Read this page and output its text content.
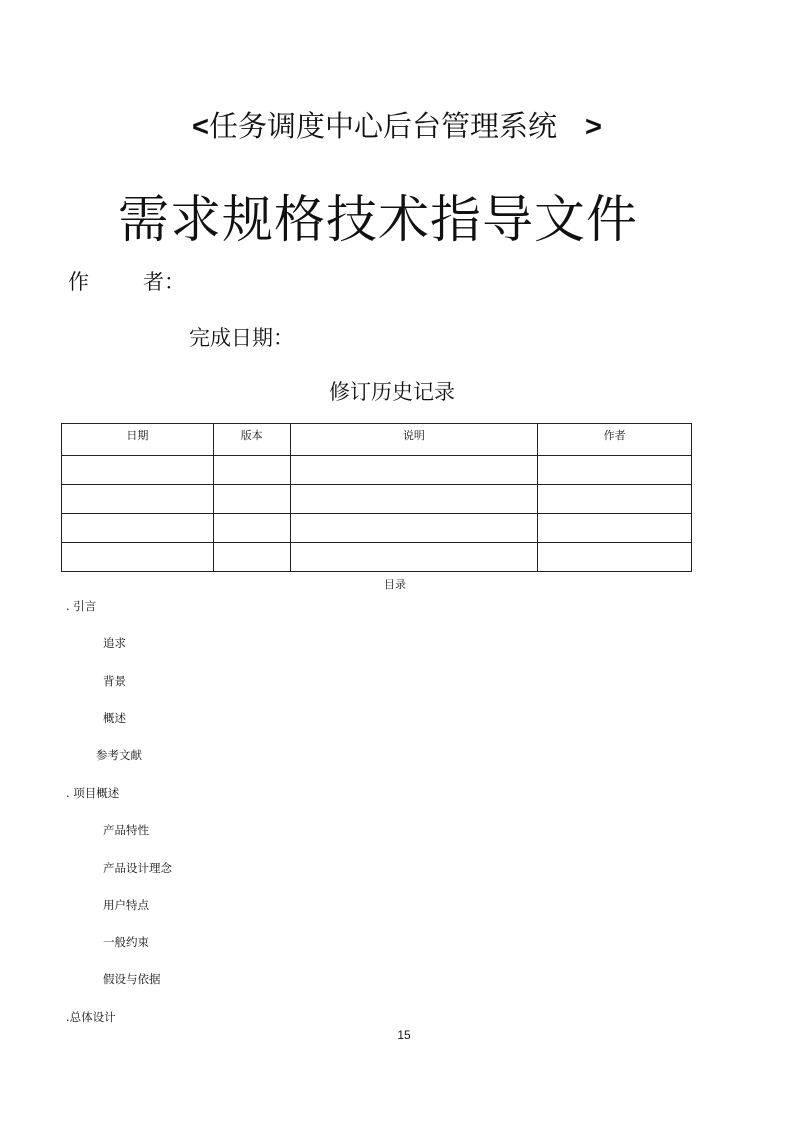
<任务调度中心后台管理系统 >
需求规格技术指导文件
作	者：
完成日期：
修订历史记录
日期	版本	说明	作者

目录
. 引言
追求
背景
概述
参考文献
. 项目概述
产品特性
产品设计理念
用户特点
一般约束
假设与依据
.总体设计
15
